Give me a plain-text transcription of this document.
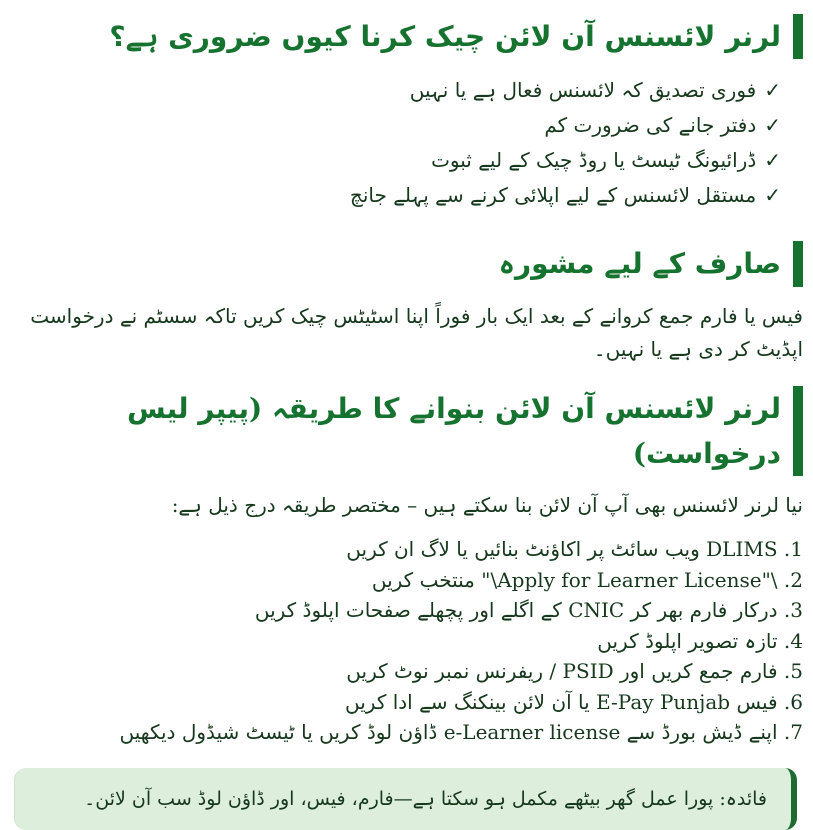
لرنر لائسنس آن لائن چیک کرنا کیوں ضروری ہے؟
✓فوری تصدیق کہ لائسنس فعال ہے یا نہیں
✓دفتر جانے کی ضرورت کم
✓ڈرائیونگ ٹیسٹ یا روڈ چیک کے لیے ثبوت
✓مستقل لائسنس کے لیے اپلائی کرنے سے پہلے جانچ
صارف کے لیے مشورہ
فیس یا فارم جمع کروانے کے بعد ایک بار فوراً اپنا اسٹیٹس چیک کریں تاکہ سسٹم نے درخواست اپڈیٹ کر دی ہے یا نہیں۔
لرنر لائسنس آن لائن بنوانے کا طریقہ (پیپر لیس درخواست)
نیا لرنر لائسنس بھی آپ آن لائن بنا سکتے ہیں – مختصر طریقہ درج ذیل ہے:
1. DLIMS ویب سائٹ پر اکاؤنٹ بنائیں یا لاگ ان کریں
2. \"Apply for Learner License\" منتخب کریں
3. درکار فارم بھر کر CNIC کے اگلے اور پچھلے صفحات اپلوڈ کریں
4. تازہ تصویر اپلوڈ کریں
5. فارم جمع کریں اور PSID / ریفرنس نمبر نوٹ کریں
6. فیس E-Pay Punjab یا آن لائن بینکنگ سے ادا کریں
7. اپنے ڈیش بورڈ سے e-Learner license ڈاؤن لوڈ کریں یا ٹیسٹ شیڈول دیکھیں
فائدہ: پورا عمل گھر بیٹھے مکمل ہو سکتا ہے—فارم، فیس، اور ڈاؤن لوڈ سب آن لائن۔
